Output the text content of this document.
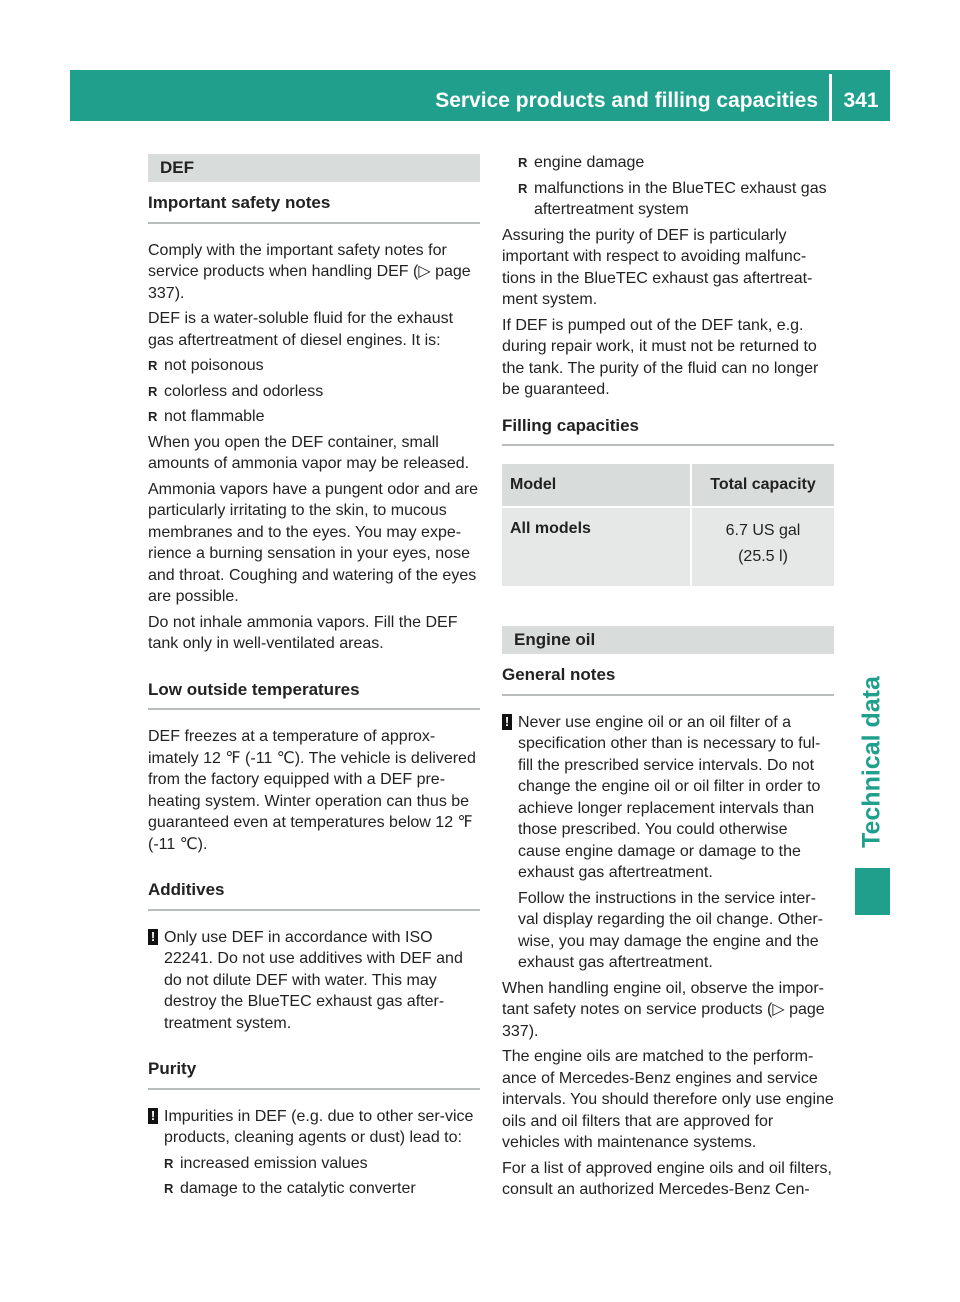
Service products and filling capacities	341
Technical data
DEF
Important safety notes

Comply with the important safety notes for service products when handling DEF (▷ page 337).

DEF is a water-soluble fluid for the exhaust gas aftertreatment of diesel engines. It is:

R not poisonous
R colorless and odorless
R not flammable

When you open the DEF container, small amounts of ammonia vapor may be released.

Ammonia vapors have a pungent odor and are particularly irritating to the skin, to mucous membranes and to the eyes. You may expe-rience a burning sensation in your eyes, nose and throat. Coughing and watering of the eyes are possible.

Do not inhale ammonia vapors. Fill the DEF tank only in well-ventilated areas.

Low outside temperatures

DEF freezes at a temperature of approx-imately 12 ℉ (-11 ℃). The vehicle is delivered from the factory equipped with a DEF pre-heating system. Winter operation can thus be guaranteed even at temperatures below 12 ℉ (-11 ℃).

Additives
! Only use DEF in accordance with ISO 22241. Do not use additives with DEF and do not dilute DEF with water. This may destroy the BlueTEC exhaust gas after-treatment system.
Purity
! Impurities in DEF (e.g. due to other ser-vice products, cleaning agents or dust) lead to:
R increased emission values
R damage to the catalytic converter
R engine damage
R malfunctions in the BlueTEC exhaust gas aftertreatment system

Assuring the purity of DEF is particularly important with respect to avoiding malfunc-tions in the BlueTEC exhaust gas aftertreat-ment system.

If DEF is pumped out of the DEF tank, e.g. during repair work, it must not be returned to the tank. The purity of the fluid can no longer be guaranteed.

Filling capacities
Model	Total capacity
All models	6.7 US gal
(25.5 l)
Engine oil
General notes
! Never use engine oil or an oil filter of a specification other than is necessary to ful-fill the prescribed service intervals. Do not change the engine oil or oil filter in order to achieve longer replacement intervals than those prescribed. You could otherwise cause engine damage or damage to the exhaust gas aftertreatment.

Follow the instructions in the service inter-val display regarding the oil change. Other-wise, you may damage the engine and the exhaust gas aftertreatment.

When handling engine oil, observe the impor-tant safety notes on service products (▷ page 337).

The engine oils are matched to the perform-ance of Mercedes-Benz engines and service intervals. You should therefore only use engine oils and oil filters that are approved for vehicles with maintenance systems.

For a list of approved engine oils and oil filters, consult an authorized Mercedes-Benz Cen-
